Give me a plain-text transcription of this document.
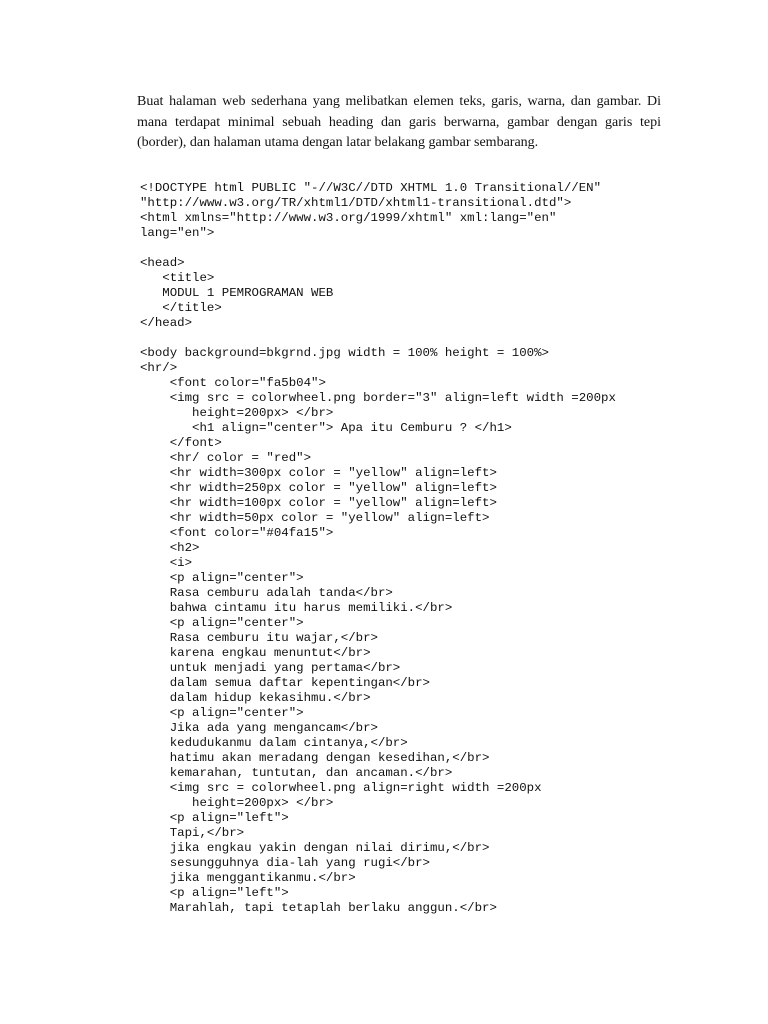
Buat halaman web sederhana yang melibatkan elemen teks, garis, warna, dan gambar. Di mana terdapat minimal sebuah heading dan garis berwarna, gambar dengan garis tepi (border), dan halaman utama dengan latar belakang gambar sembarang.

<!DOCTYPE html PUBLIC "-//W3C//DTD XHTML 1.0 Transitional//EN"
"http://www.w3.org/TR/xhtml1/DTD/xhtml1-transitional.dtd">
<html xmlns="http://www.w3.org/1999/xhtml" xml:lang="en"
lang="en">
<head>
<title>
MODUL 1 PEMROGRAMAN WEB
</title>
</head>
<body background=bkgrnd.jpg width = 100% height = 100%>
<hr/>
<font color="fa5b04">
<img src = colorwheel.png border="3" align=left width =200px
height=200px> </br>
<h1 align="center"> Apa itu Cemburu ? </h1>
</font>
<hr/ color = "red">
<hr width=300px color = "yellow" align=left>
<hr width=250px color = "yellow" align=left>
<hr width=100px color = "yellow" align=left>
<hr width=50px color = "yellow" align=left>
<font color="#04fa15">
<h2>
<i>
<p align="center">
Rasa cemburu adalah tanda</br>
bahwa cintamu itu harus memiliki.</br>
<p align="center">
Rasa cemburu itu wajar,</br>
karena engkau menuntut</br>
untuk menjadi yang pertama</br>
dalam semua daftar kepentingan</br>
dalam hidup kekasihmu.</br>
<p align="center">
Jika ada yang mengancam</br>
kedudukanmu dalam cintanya,</br>
hatimu akan meradang dengan kesedihan,</br>
kemarahan, tuntutan, dan ancaman.</br>
<img src = colorwheel.png align=right width =200px
height=200px> </br>
<p align="left">
Tapi,</br>
jika engkau yakin dengan nilai dirimu,</br>
sesungguhnya dia-lah yang rugi</br>
jika menggantikanmu.</br>
<p align="left">
Marahlah, tapi tetaplah berlaku anggun.</br>
